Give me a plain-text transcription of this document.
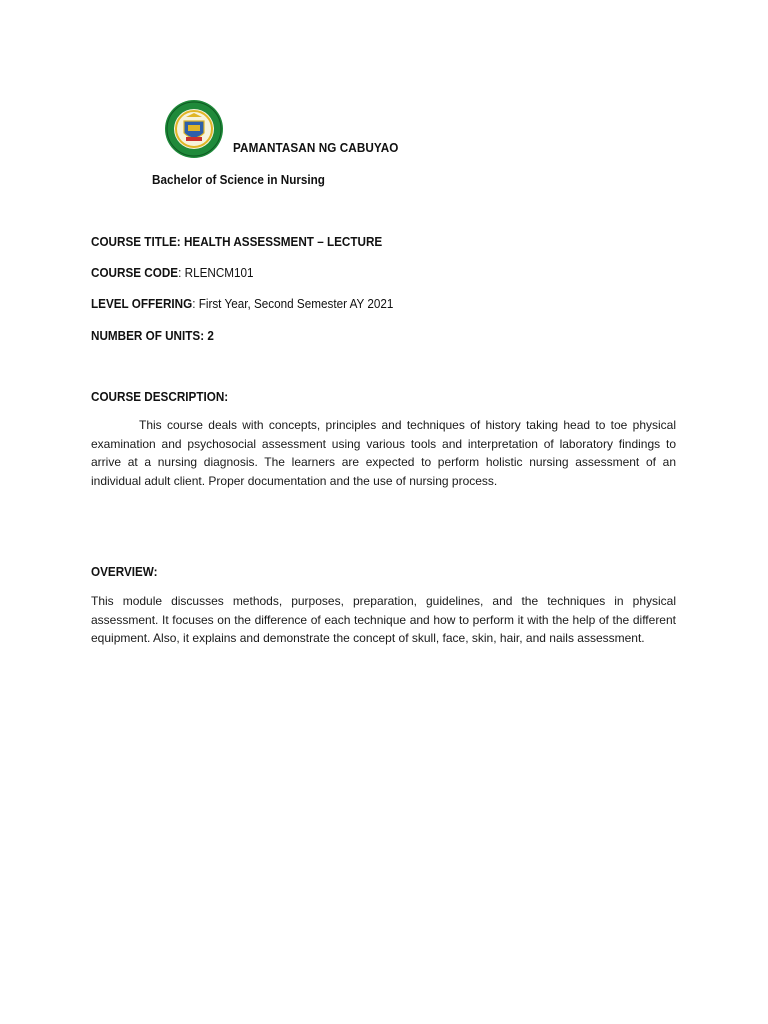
PAMANTASAN NG CABUYAO
Bachelor of Science in Nursing
COURSE TITLE: HEALTH ASSESSMENT – LECTURE
COURSE CODE: RLENCM101
LEVEL OFFERING: First Year, Second Semester AY 2021
NUMBER OF UNITS: 2
COURSE DESCRIPTION:
This course deals with concepts, principles and techniques of history taking head to toe physical examination and psychosocial assessment using various tools and interpretation of laboratory findings to arrive at a nursing diagnosis. The learners are expected to perform holistic nursing assessment of an individual adult client. Proper documentation and the use of nursing process.
OVERVIEW:
This module discusses methods, purposes, preparation, guidelines, and the techniques in physical assessment. It focuses on the difference of each technique and how to perform it with the help of the different equipment. Also, it explains and demonstrate the concept of skull, face, skin, hair, and nails assessment.
